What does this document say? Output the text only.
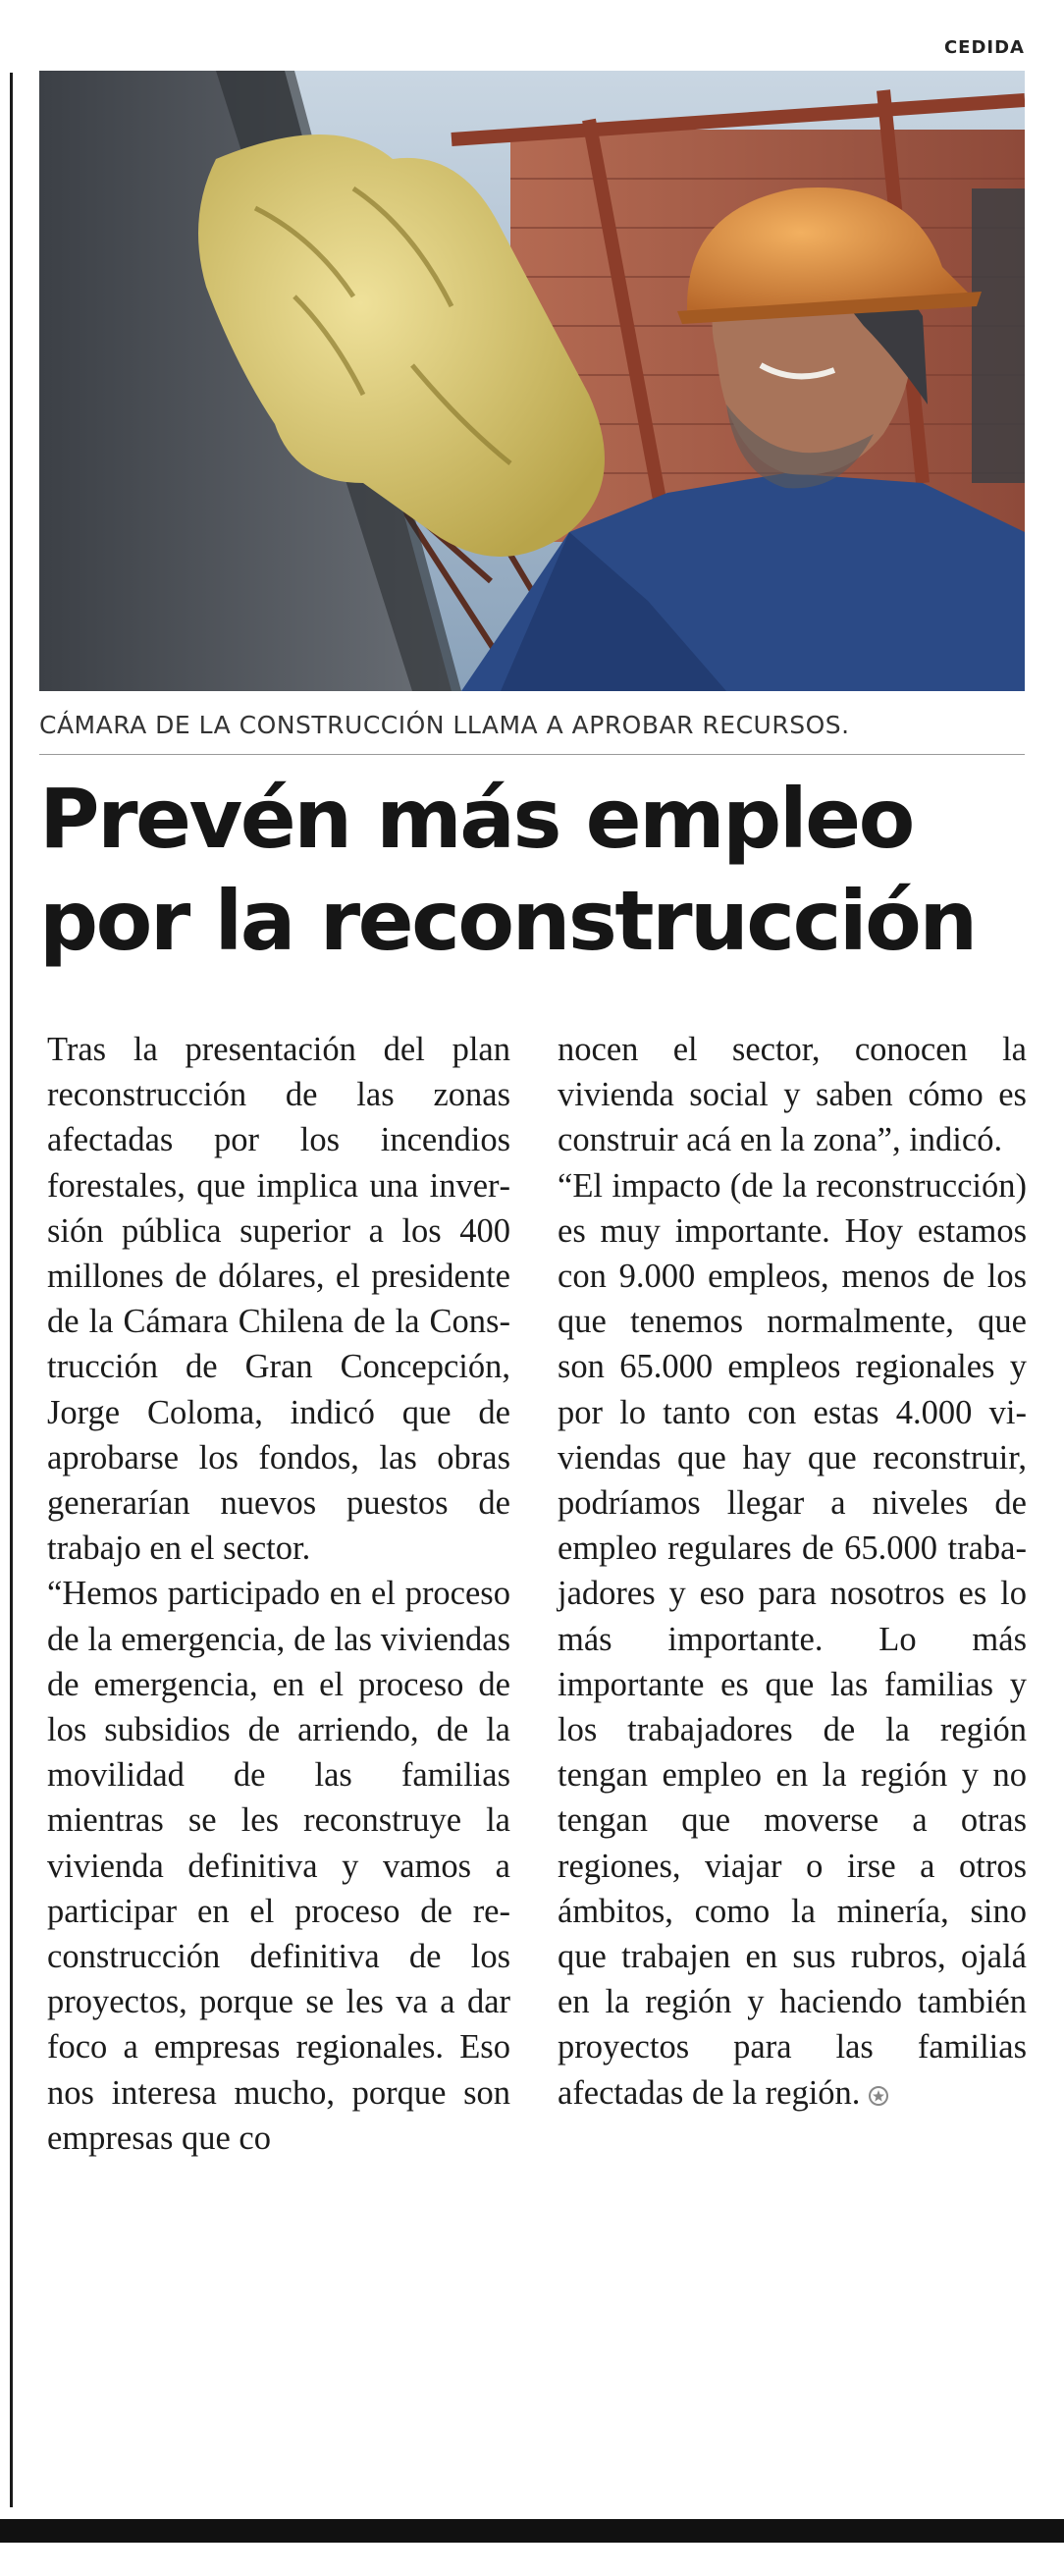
CEDIDA
CÁMARA DE LA CONSTRUCCIÓN LLAMA A APROBAR RECURSOS.
Prevén más empleo
por la reconstrucción

Tras la presentación del plan reconstrucción de las zonas afectadas por los incendios forestales, que implica una inversión pública superior a los 400 millones de dólares, el presidente de la Cámara Chilena de la Construcción de Gran Concepción, Jorge Coloma, indicó que de aprobarse los fondos, las obras generarían nuevos puestos de trabajo en el sector.

“Hemos participado en el proceso de la emergencia, de las viviendas de emergencia, en el proceso de los subsidios de arriendo, de la movilidad de las familias mientras se les reconstruye la vivienda definitiva y vamos a participar en el proceso de reconstrucción definitiva de los proyectos, porque se les va a dar foco a empresas regionales. Eso nos interesa mucho, porque son empresas que co

nocen el sector, conocen la vivienda social y saben cómo es construir acá en la zona”, indicó.

“El impacto (de la reconstrucción) es muy importante. Hoy estamos con 9.000 empleos, menos de los que tenemos normalmente, que son 65.000 empleos regionales y por lo tanto con estas 4.000 viviendas que hay que reconstruir, podríamos llegar a niveles de empleo regulares de 65.000 trabajadores y eso para nosotros es lo más importante. Lo más importante es que las familias y los trabajadores de la región tengan empleo en la región y no tengan que moverse a otras regiones, viajar o irse a otros ámbitos, como la minería, sino que trabajen en sus rubros, ojalá en la región y haciendo también proyectos para las familias afectadas de la región.
